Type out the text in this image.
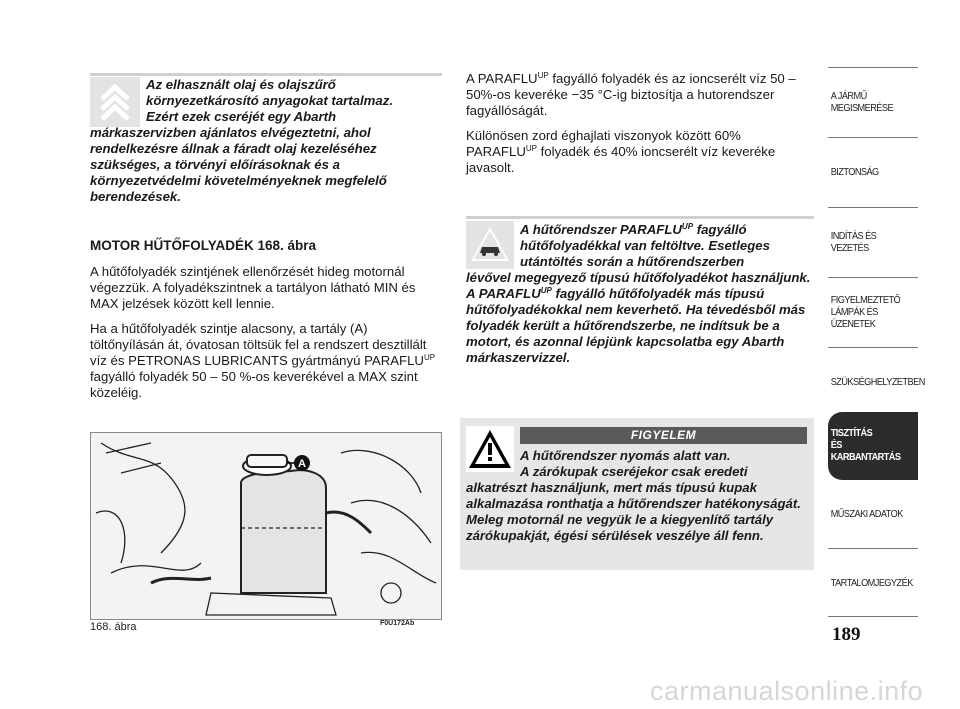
Az elhasznált olaj és olajszűrő
környezetkárosító anyagokat tartalmaz.
Ezért ezek cseréjét egy Abarth
márkaszervizben ajánlatos elvégeztetni, ahol rendelkezésre állnak a fáradt olaj kezeléséhez szükséges, a törvényi előírásoknak és a környezetvédelmi követelményeknek megfelelő berendezések.
MOTOR HŰTŐFOLYADÉK 168. ábra

A hűtőfolyadék szintjének ellenőrzését hideg motornál végezzük. A folyadékszintnek a tartályon látható MIN és MAX jelzések között kell lennie.

Ha a hűtőfolyadék szintje alacsony, a tartály (A) töltőnyílásán át, óvatosan töltsük fel a rendszert desztillált víz és PETRONAS LUBRICANTS gyártmányú $PARAFLU^{UP}$ fagyálló folyadék 50 – 50 %-os keverékével a MAX szint közeléig.

A
168. ábra	F0U172Ab

A $PARAFLU^{UP}$ fagyálló folyadék és az ioncserélt víz 50 – 50%-os keveréke −35 °C-ig biztosítja a hutorendszer fagyállóságát.

Különösen zord éghajlati viszonyok között 60% $PARAFLU^{UP}$ folyadék és 40% ioncserélt víz keveréke javasolt.

A hűtőrendszer $PARAFLU^{UP}$ fagyálló
hűtőfolyadékkal van feltöltve. Esetleges
utántöltés során a hűtőrendszerben
lévővel megegyező típusú hűtőfolyadékot használjunk. A $PARAFLU^{UP}$ fagyálló hűtőfolyadék más típusú hűtőfolyadékokkal nem keverhető. Ha tévedésből más folyadék került a hűtőrendszerbe, ne indítsuk be a motort, és azonnal lépjünk kapcsolatba egy Abarth márkaszervizzel.
FIGYELEM
A hűtőrendszer nyomás alatt van.
A zárókupak cseréjekor csak eredeti
alkatrészt használjunk, mert más típusú kupak alkalmazása ronthatja a hűtőrendszer hatékonyságát. Meleg motornál ne vegyük le a kiegyenlítő tartály zárókupakját, égési sérülések veszélye áll fenn.
A JÁRMŰ
MEGISMERÉSE
BIZTONSÁG
INDÍTÁS ÉS VEZETÉS
FIGYELMEZTETŐ
LÁMPÁK ÉS ÜZENETEK
SZÜKSÉGHELYZETBEN
TISZTÍTÁS
ÉS KARBANTARTÁS
MŰSZAKI ADATOK
TARTALOMJEGYZÉK
189
carmanualsonline.info
